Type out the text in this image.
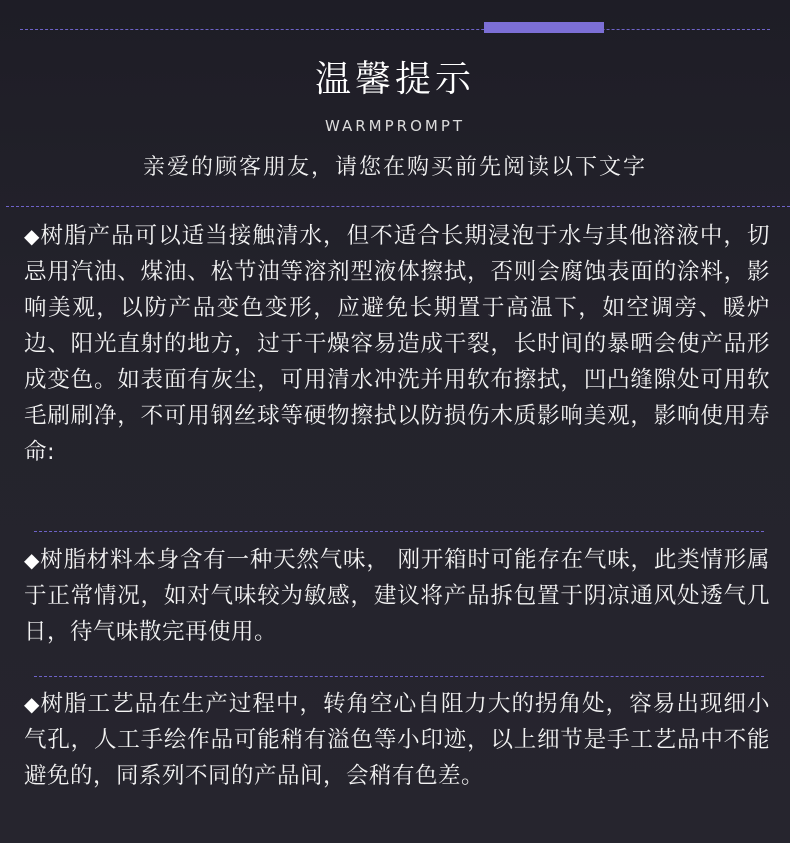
温馨提示
WARMPROMPT
亲爱的顾客朋友，请您在购买前先阅读以下文字
◆树脂产品可以适当接触清水，但不适合长期浸泡于水与其他溶液中，切忌用汽油、煤油、松节油等溶剂型液体擦拭，否则会腐蚀表面的涂料，影响美观，以防产品变色变形，应避免长期置于高温下，如空调旁、暖炉边、阳光直射的地方，过于干燥容易造成干裂，长时间的暴晒会使产品形成变色。如表面有灰尘，可用清水冲洗并用软布擦拭，凹凸缝隙处可用软毛刷刷净，不可用钢丝球等硬物擦拭以防损伤木质影响美观，影响使用寿命:
◆树脂材料本身含有一种天然气味， 刚开箱时可能存在气味，此类情形属于正常情况，如对气味较为敏感，建议将产品拆包置于阴凉通风处透气几日，待气味散完再使用。
◆树脂工艺品在生产过程中，转角空心自阻力大的拐角处，容易出现细小气孔，人工手绘作品可能稍有溢色等小印迹，以上细节是手工艺品中不能避免的，同系列不同的产品间，会稍有色差。
